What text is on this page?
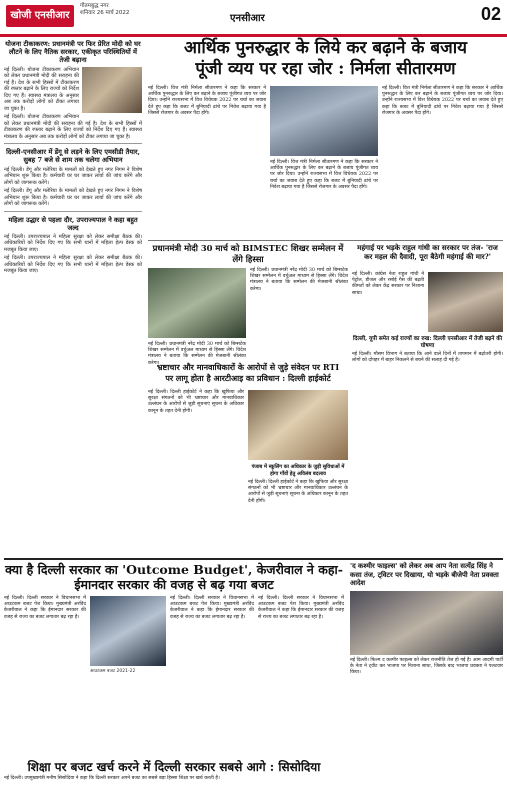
खोजी एनसीआर
गौतमबुद्ध नगर
शनिवार 26 मार्च 2022	एनसीआर	02
योजना टीकाकरण: प्रधानमंत्री पर फिर प्रेरित मोदी को घर लौटने के लिए नैतिक सरकार, एकीकृत परिस्थितियों में तेजी बढ़ाना

नई दिल्ली। योजना टीकाकरण अभियान को लेकर प्रधानमंत्री मोदी की सराहना की गई है। देश के सभी हिस्सों में टीकाकरण की रफ्तार बढ़ाने के लिए राज्यों को निर्देश दिए गए हैं। स्वास्थ्य मंत्रालय के अनुसार अब तक करोड़ों लोगों को टीका लगाया जा चुका है।

नई दिल्ली। योजना टीकाकरण अभियान को लेकर प्रधानमंत्री मोदी की सराहना की गई है। देश के सभी हिस्सों में टीकाकरण की रफ्तार बढ़ाने के लिए राज्यों को निर्देश दिए गए हैं। स्वास्थ्य मंत्रालय के अनुसार अब तक करोड़ों लोगों को टीका लगाया जा चुका है।

दिल्ली-एनसीआर में डेंगू से लड़ने के लिए एमसीडी तैयार, सुबह 7 बजे से शाम तक चलेगा अभियान

नई दिल्ली। डेंगू और मलेरिया के मामलों को देखते हुए नगर निगम ने विशेष अभियान शुरू किया है। कर्मचारी घर घर जाकर लार्वा की जांच करेंगे और लोगों को जागरूक करेंगे।

नई दिल्ली। डेंगू और मलेरिया के मामलों को देखते हुए नगर निगम ने विशेष अभियान शुरू किया है। कर्मचारी घर घर जाकर लार्वा की जांच करेंगे और लोगों को जागरूक करेंगे।

महिला उद्धार से पहला दौर, उपराज्यपाल ने कहा बहुत जल्द

नई दिल्ली। उपराज्यपाल ने महिला सुरक्षा को लेकर समीक्षा बैठक की। अधिकारियों को निर्देश दिए गए कि सभी थानों में महिला हेल्प डेस्क को मजबूत किया जाए।

नई दिल्ली। उपराज्यपाल ने महिला सुरक्षा को लेकर समीक्षा बैठक की। अधिकारियों को निर्देश दिए गए कि सभी थानों में महिला हेल्प डेस्क को मजबूत किया जाए।

आर्थिक पुनरुद्धार के लिये कर बढ़ाने के बजाय
पूंजी व्यय पर रहा जोर : निर्मला सीतारमण
नई दिल्ली। वित्त मंत्री निर्मला सीतारमण ने कहा कि सरकार ने आर्थिक पुनरुद्धार के लिए कर बढ़ाने के बजाय पूंजीगत व्यय पर जोर दिया। उन्होंने राज्यसभा में वित्त विधेयक 2022 पर चर्चा का जवाब देते हुए कहा कि बजट में बुनियादी ढांचे पर निवेश बढ़ाया गया है जिससे रोजगार के अवसर पैदा होंगे।
नई दिल्ली। वित्त मंत्री निर्मला सीतारमण ने कहा कि सरकार ने आर्थिक पुनरुद्धार के लिए कर बढ़ाने के बजाय पूंजीगत व्यय पर जोर दिया। उन्होंने राज्यसभा में वित्त विधेयक 2022 पर चर्चा का जवाब देते हुए कहा कि बजट में बुनियादी ढांचे पर निवेश बढ़ाया गया है जिससे रोजगार के अवसर पैदा होंगे।
नई दिल्ली। वित्त मंत्री निर्मला सीतारमण ने कहा कि सरकार ने आर्थिक पुनरुद्धार के लिए कर बढ़ाने के बजाय पूंजीगत व्यय पर जोर दिया। उन्होंने राज्यसभा में वित्त विधेयक 2022 पर चर्चा का जवाब देते हुए कहा कि बजट में बुनियादी ढांचे पर निवेश बढ़ाया गया है जिससे रोजगार के अवसर पैदा होंगे।
प्रधानमंत्री मोदी 30 मार्च को BIMSTEC शिखर सम्मेलन में लेंगे हिस्सा
नई दिल्ली। प्रधानमंत्री नरेंद्र मोदी 30 मार्च को बिम्सटेक शिखर सम्मेलन में वर्चुअल माध्यम से हिस्सा लेंगे। विदेश मंत्रालय ने बताया कि सम्मेलन की मेजबानी श्रीलंका करेगा।
नई दिल्ली। प्रधानमंत्री नरेंद्र मोदी 30 मार्च को बिम्सटेक शिखर सम्मेलन में वर्चुअल माध्यम से हिस्सा लेंगे। विदेश मंत्रालय ने बताया कि सम्मेलन की मेजबानी श्रीलंका करेगा।
महंगाई पर भड़के राहुल गांधी का सरकार पर तंज- 'राज कर महल की दैवादी, पूरा बैठेगी महंगाई की मार?'
नई दिल्ली। कांग्रेस नेता राहुल गांधी ने पेट्रोल, डीजल और रसोई गैस की बढ़ती कीमतों को लेकर केंद्र सरकार पर निशाना साधा।
दिल्ली, यूपी समेत कई राज्यों का रुख: दिल्ली एनसीआर में तेजी बढ़ने की घोषणा
नई दिल्ली। मौसम विभाग ने बताया कि आने वाले दिनों में तापमान में बढ़ोतरी होगी। लोगों को दोपहर में बाहर निकलने से बचने की सलाह दी गई है।
भ्रष्टाचार और मानवाधिकारों के आरोपों से जुड़े संवेदन पर RTI
पर लागू होता है आरटीआइ का प्रविधान : दिल्ली हाईकोर्ट
नई दिल्ली। दिल्ली हाईकोर्ट ने कहा कि खुफिया और सुरक्षा संगठनों को भी भ्रष्टाचार और मानवाधिकार उल्लंघन के आरोपों से जुड़ी सूचनाएं सूचना के अधिकार कानून के तहत देनी होंगी।
पंजाब में स्कूलिंग का अधिकार के जुड़ी सुविधाओं में होगा गाँवों हेतु अविलंब बदलाव
नई दिल्ली। दिल्ली हाईकोर्ट ने कहा कि खुफिया और सुरक्षा संगठनों को भी भ्रष्टाचार और मानवाधिकार उल्लंघन के आरोपों से जुड़ी सूचनाएं सूचना के अधिकार कानून के तहत देनी होंगी।
क्या है दिल्ली सरकार का 'Outcome Budget', केजरीवाल ने कहा-
ईमानदार सरकार की वजह से बढ़ गया बजट
नई दिल्ली। दिल्ली सरकार ने विधानसभा में आउटकम बजट पेश किया। मुख्यमंत्री अरविंद केजरीवाल ने कहा कि ईमानदार सरकार की वजह से राज्य का बजट लगातार बढ़ रहा है।
नई दिल्ली। दिल्ली सरकार ने विधानसभा में आउटकम बजट पेश किया। मुख्यमंत्री अरविंद केजरीवाल ने कहा कि ईमानदार सरकार की वजह से राज्य का बजट लगातार बढ़ रहा है।
नई दिल्ली। दिल्ली सरकार ने विधानसभा में आउटकम बजट पेश किया। मुख्यमंत्री अरविंद केजरीवाल ने कहा कि ईमानदार सरकार की वजह से राज्य का बजट लगातार बढ़ रहा है।
आउटकम बजट 2021-22
'द कश्मीर फाइल्स' को लेकर अब आप नेता सत्येंद्र सिंह ने कसा तंज, ट्विटर पर दिखाया, यो भड़के बीजेपी नेता प्रवक्ता आदेश
नई दिल्ली। फिल्म द कश्मीर फाइल्स को लेकर राजनीति तेज हो गई है। आम आदमी पार्टी के नेता ने ट्वीट कर भाजपा पर निशाना साधा, जिसके बाद भाजपा प्रवक्ता ने पलटवार किया।
शिक्षा पर बजट खर्च करने में दिल्ली सरकार सबसे आगे : सिसोदिया
नई दिल्ली। उपमुख्यमंत्री मनीष सिसोदिया ने कहा कि दिल्ली सरकार अपने बजट का सबसे बड़ा हिस्सा शिक्षा पर खर्च करती है।
